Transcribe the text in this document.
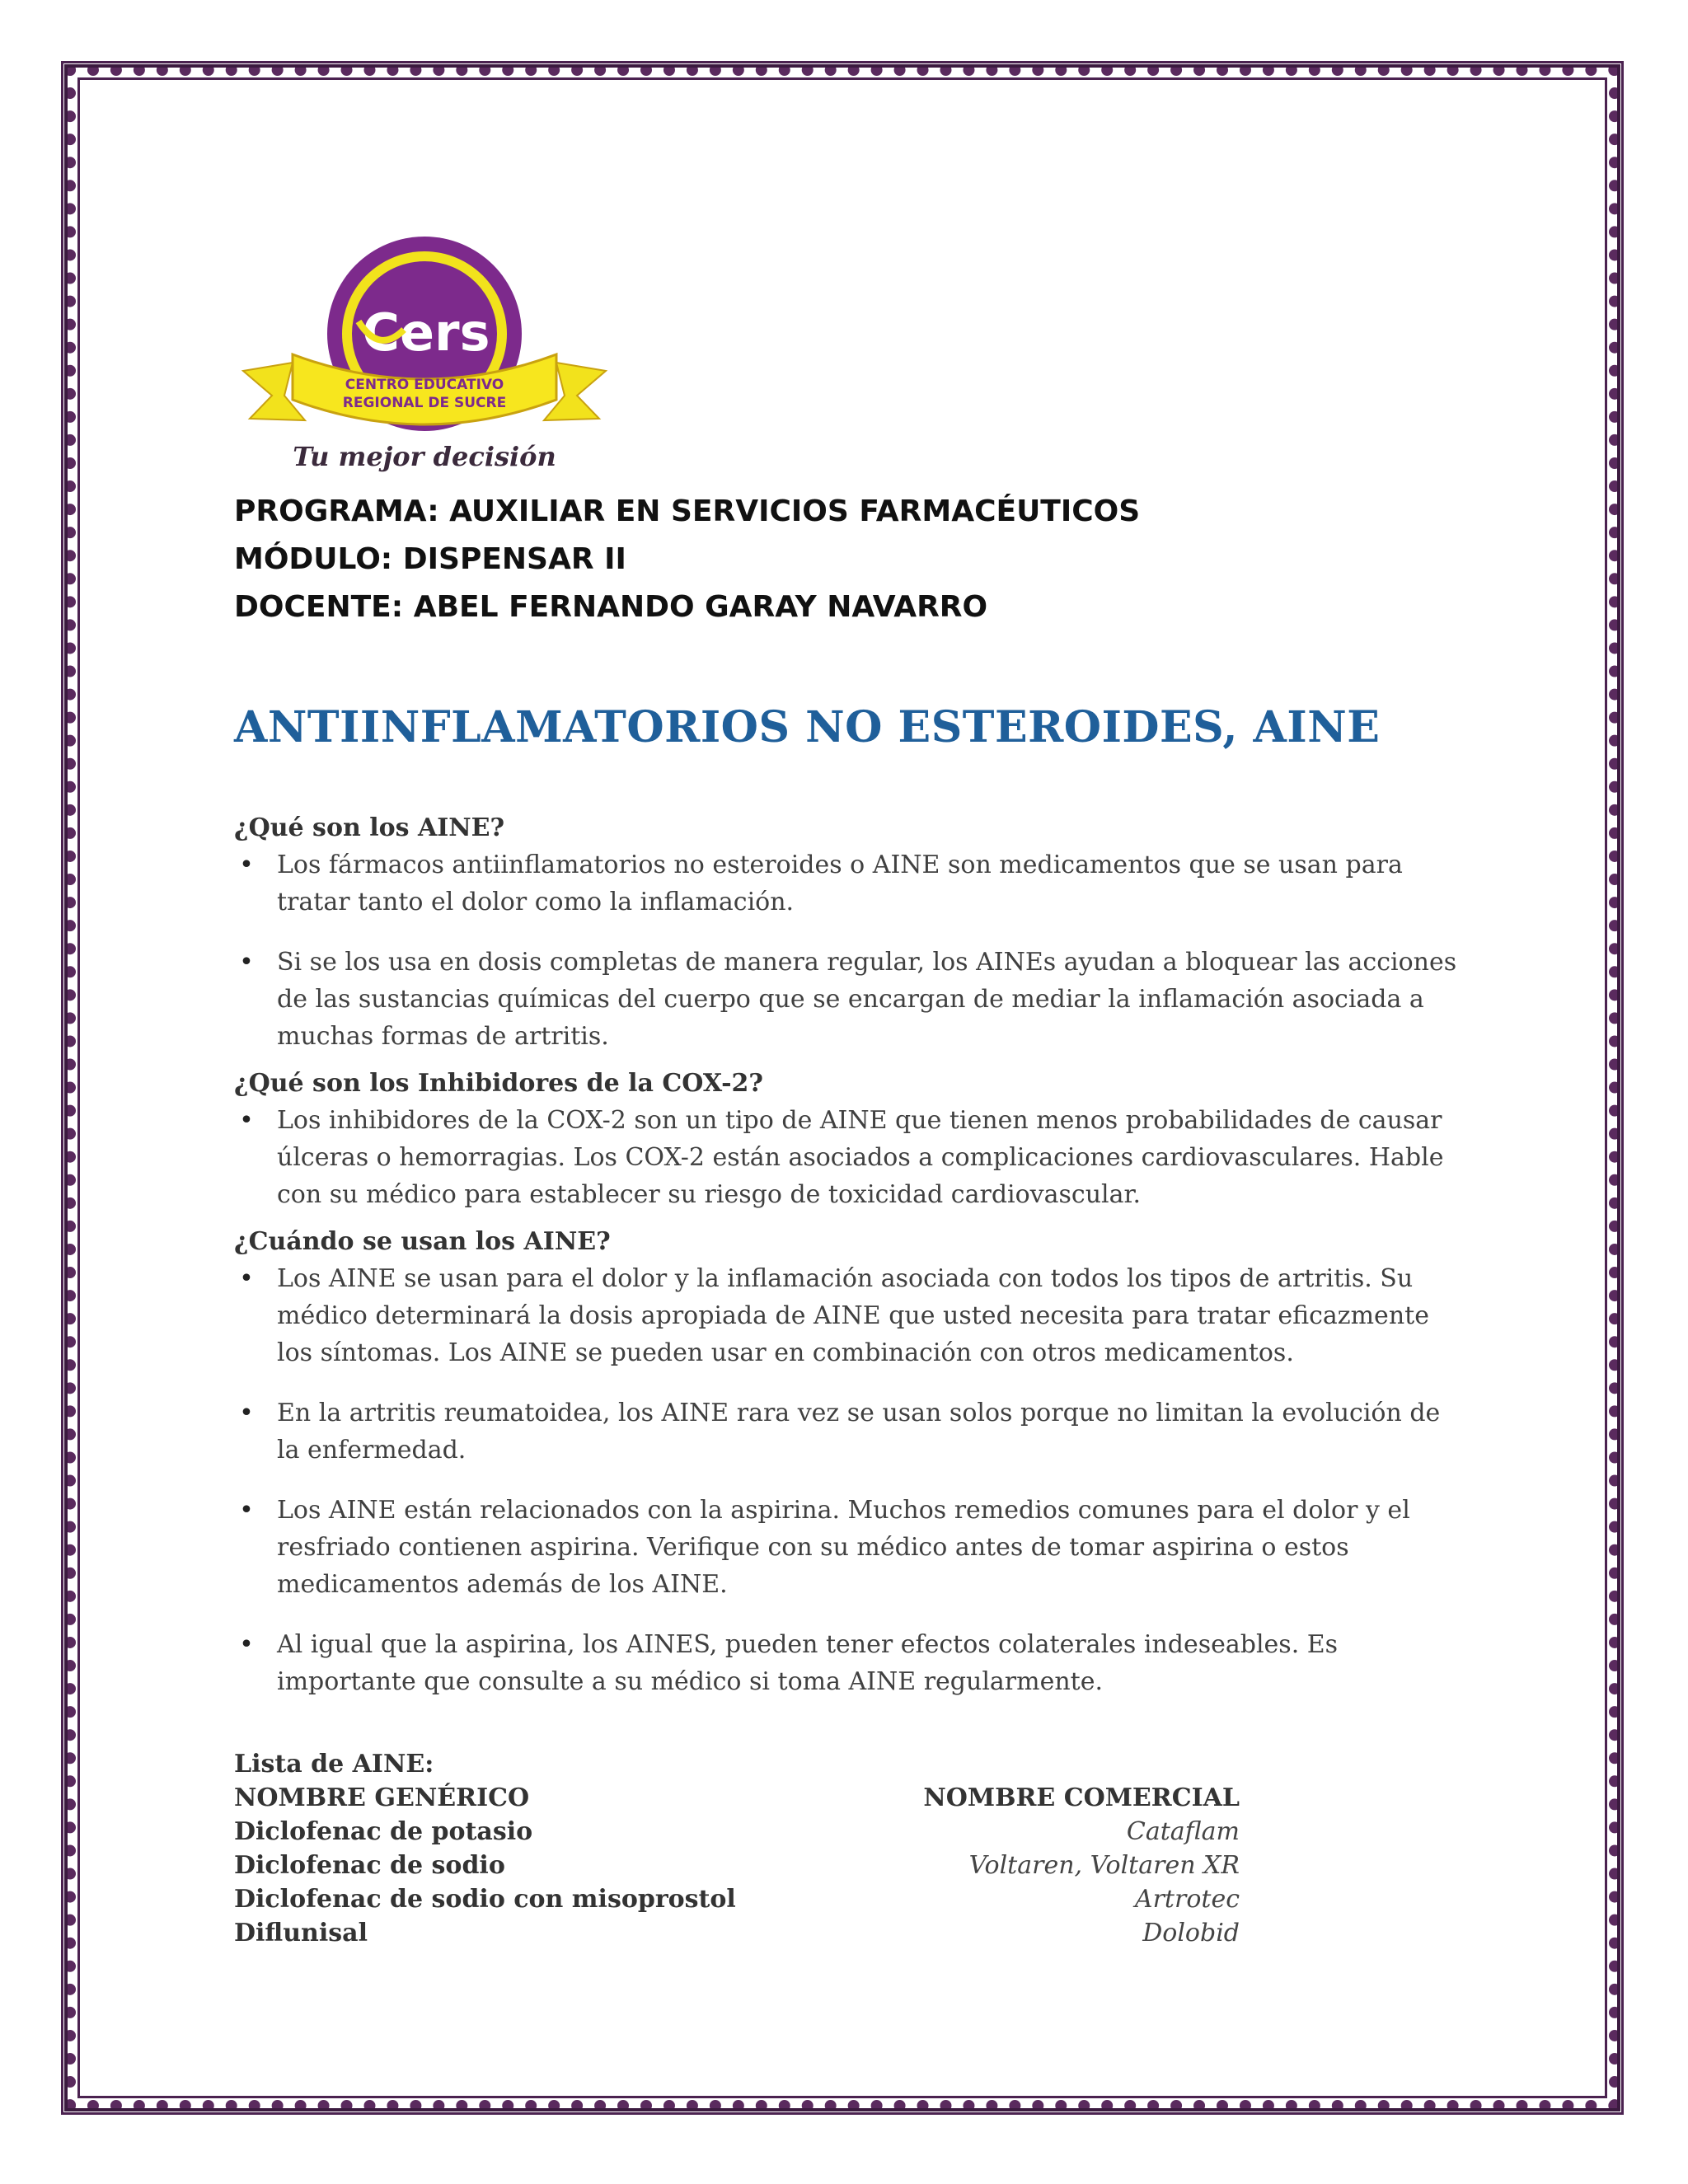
Cers
CENTRO EDUCATIVO
REGIONAL DE SUCRE
Tu mejor decisión
PROGRAMA: AUXILIAR EN SERVICIOS FARMACÉUTICOS
MÓDULO: DISPENSAR II
DOCENTE: ABEL FERNANDO GARAY NAVARRO
ANTIINFLAMATORIOS NO ESTEROIDES, AINE

¿Qué son los AINE?

• Los fármacos antiinflamatorios no esteroides o AINE son medicamentos que se usan para tratar tanto el dolor como la inflamación.
• Si se los usa en dosis completas de manera regular, los AINEs ayudan a bloquear las acciones de las sustancias químicas del cuerpo que se encargan de mediar la inflamación asociada a muchas formas de artritis.

¿Qué son los Inhibidores de la COX-2?

• Los inhibidores de la COX-2 son un tipo de AINE que tienen menos probabilidades de causar úlceras o hemorragias. Los COX-2 están asociados a complicaciones cardiovasculares. Hable con su médico para establecer su riesgo de toxicidad cardiovascular.

¿Cuándo se usan los AINE?

• Los AINE se usan para el dolor y la inflamación asociada con todos los tipos de artritis. Su médico determinará la dosis apropiada de AINE que usted necesita para tratar eficazmente los síntomas. Los AINE se pueden usar en combinación con otros medicamentos.
• En la artritis reumatoidea, los AINE rara vez se usan solos porque no limitan la evolución de la enfermedad.
• Los AINE están relacionados con la aspirina. Muchos remedios comunes para el dolor y el resfriado contienen aspirina. Verifique con su médico antes de tomar aspirina o estos medicamentos además de los AINE.
• Al igual que la aspirina, los AINES, pueden tener efectos colaterales indeseables. Es importante que consulte a su médico si toma AINE regularmente.
Lista de AINE:
NOMBRE GENÉRICO	NOMBRE COMERCIAL
Diclofenac de potasio	Cataflam
Diclofenac de sodio	Voltaren, Voltaren XR
Diclofenac de sodio con misoprostol	Artrotec
Diflunisal	Dolobid
